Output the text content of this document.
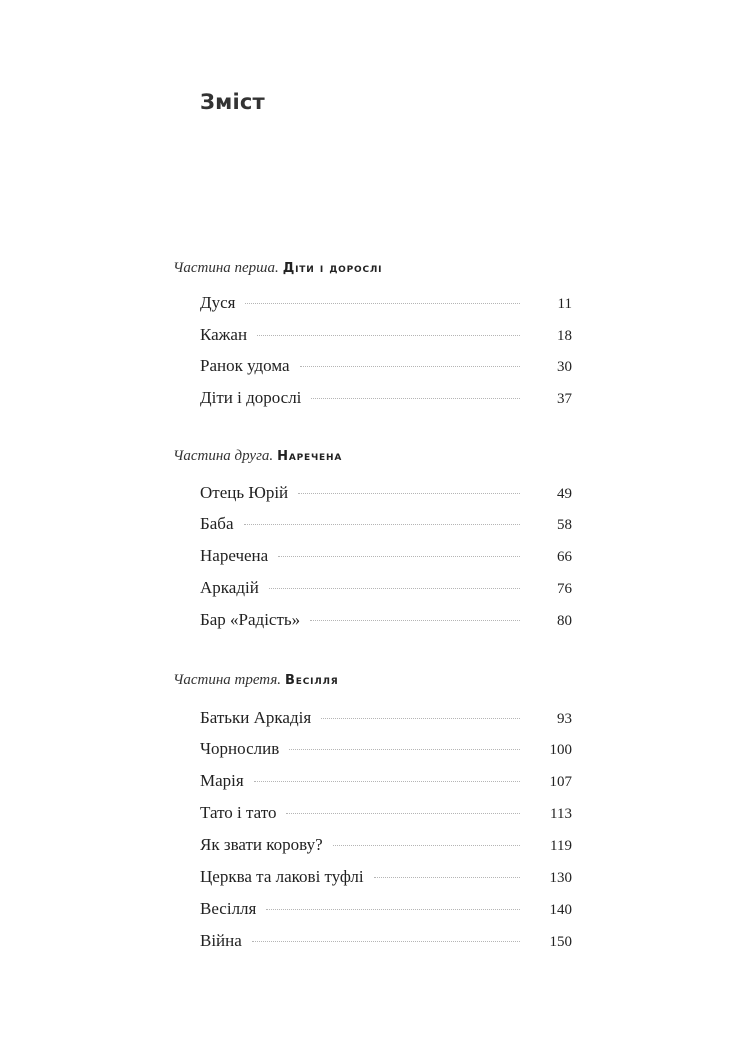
Зміст
Частина перша. Діти і дорослі
Дуся	11
Кажан	18
Ранок удома	30
Діти і дорослі	37
Частина друга. Наречена
Отець Юрій	49
Баба	58
Наречена	66
Аркадій	76
Бар «Радість»	80
Частина третя. Весілля
Батьки Аркадія	93
Чорнослив	100
Марія	107
Тато і тато	113
Як звати корову?	119
Церква та лакові туфлі	130
Весілля	140
Війна	150
